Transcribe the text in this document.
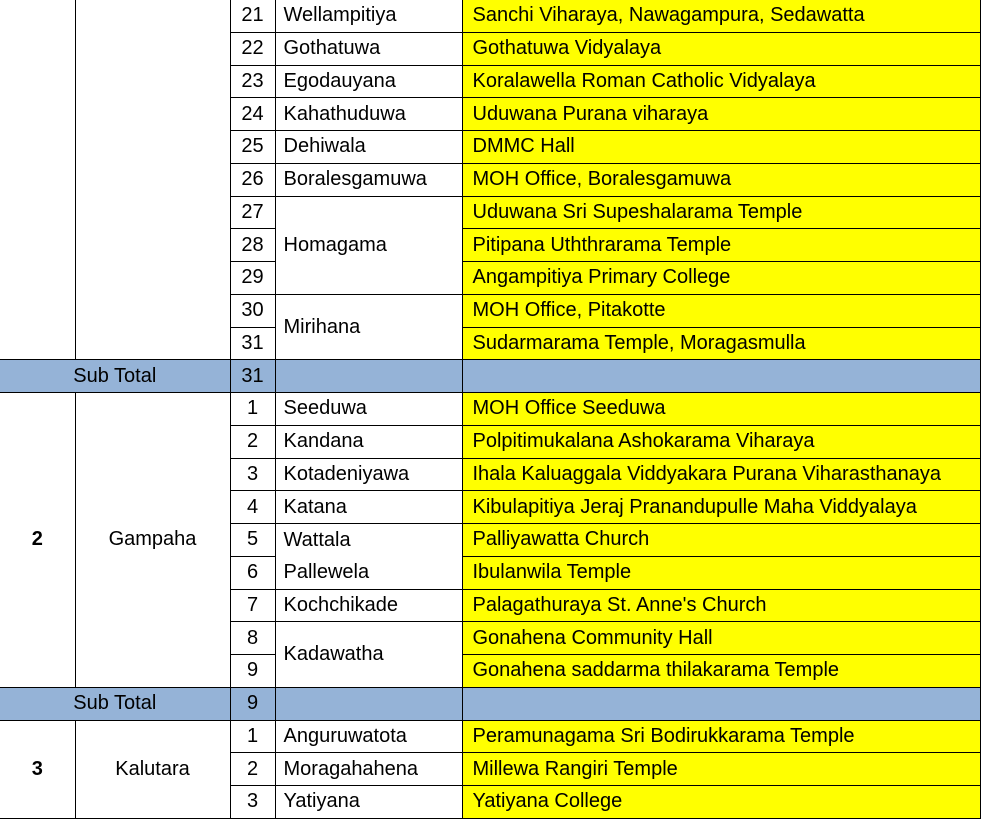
		21	Wellampitiya	Sanchi Viharaya, Nawagampura, Sedawatta
		22	Gothatuwa	Gothatuwa Vidyalaya
		23	Egodauyana	Koralawella Roman Catholic Vidyalaya
		24	Kahathuduwa	Uduwana Purana viharaya
		25	Dehiwala	DMMC Hall
		26	Boralesgamuwa	MOH Office, Boralesgamuwa
		27	Homagama	Uduwana Sri Supeshalarama Temple
		28		Pitipana Uththrarama Temple
		29		Angampitiya Primary College
		30	Mirihana	MOH Office, Pitakotte
		31		Sudarmarama Temple, Moragasmulla
Sub Total		31		
2	Gampaha	1	Seeduwa	MOH Office Seeduwa
		2	Kandana	Polpitimukalana Ashokarama Viharaya
		3	Kotadeniyawa	Ihala Kaluaggala Viddyakara Purana Viharasthanaya
		4	Katana	Kibulapitiya Jeraj Pranandupulle Maha Viddyalaya
		5	Wattala	Palliyawatta Church
		6	Pallewela	Ibulanwila Temple
		7	Kochchikade	Palagathuraya St. Anne's Church
		8	Kadawatha	Gonahena Community Hall
		9		Gonahena saddarma thilakarama Temple
Sub Total		9		
3	Kalutara	1	Anguruwatota	Peramunagama Sri Bodirukkarama Temple
		2	Moragahahena	Millewa Rangiri Temple
		3	Yatiyana	Yatiyana College
